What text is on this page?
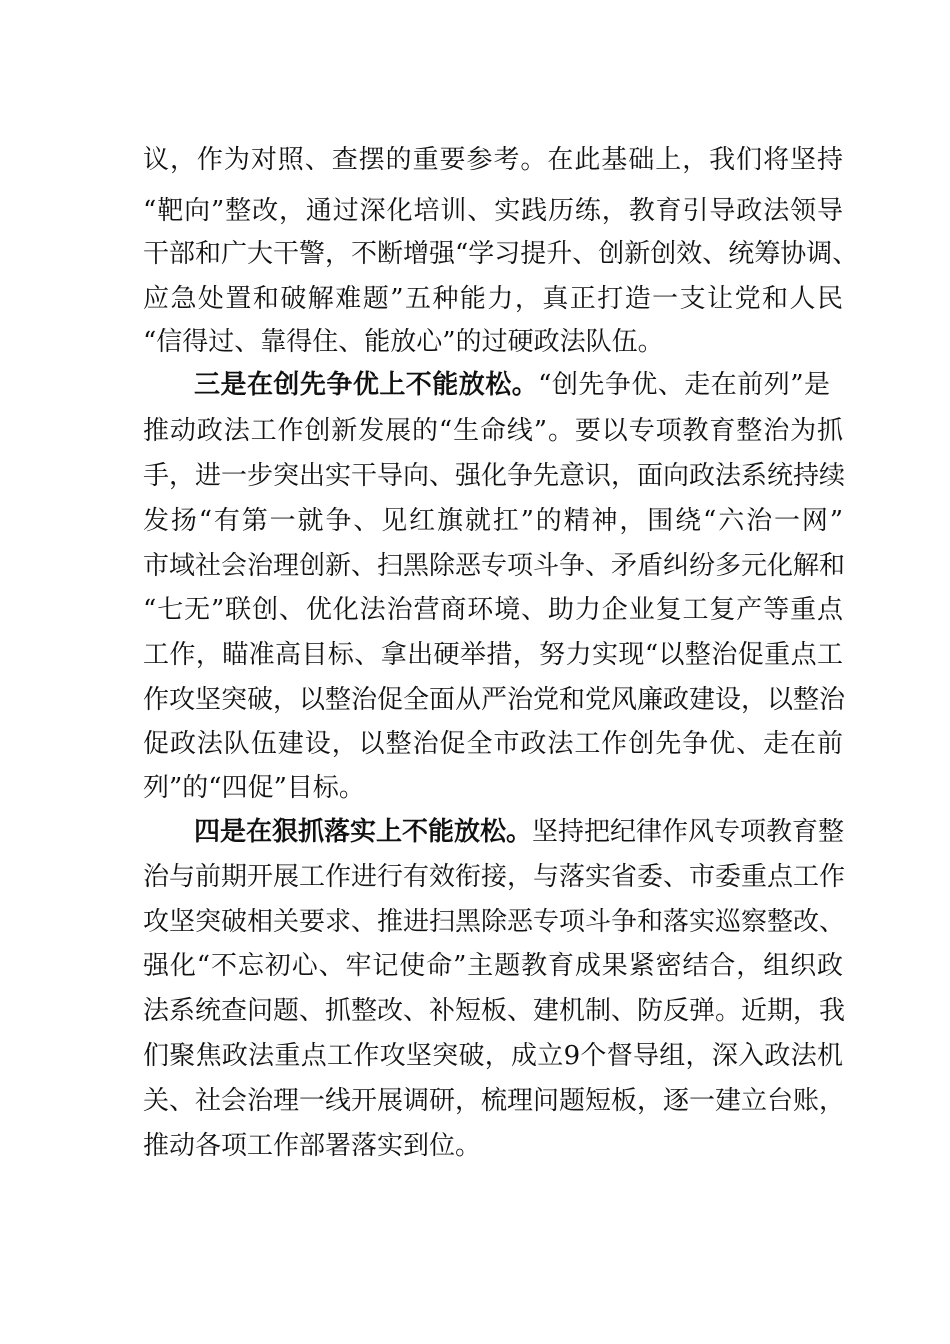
议，作为对照、查摆的重要参考。在此基础上，我们将坚持
“靶向”整改，通过深化培训、实践历练，教育引导政法领导
干部和广大干警，不断增强“学习提升、创新创效、统筹协调、
应急处置和破解难题”五种能力，真正打造一支让党和人民
“信得过、靠得住、能放心”的过硬政法队伍。
三是在创先争优上不能放松。“创先争优、走在前列”是
推动政法工作创新发展的“生命线”。要以专项教育整治为抓
手，进一步突出实干导向、强化争先意识，面向政法系统持续
发扬“有第一就争、见红旗就扛”的精神，围绕“六治一网”
市域社会治理创新、扫黑除恶专项斗争、矛盾纠纷多元化解和
“七无”联创、优化法治营商环境、助力企业复工复产等重点
工作，瞄准高目标、拿出硬举措，努力实现“以整治促重点工
作攻坚突破，以整治促全面从严治党和党风廉政建设，以整治
促政法队伍建设，以整治促全市政法工作创先争优、走在前
列”的“四促”目标。
四是在狠抓落实上不能放松。坚持把纪律作风专项教育整
治与前期开展工作进行有效衔接，与落实省委、市委重点工作
攻坚突破相关要求、推进扫黑除恶专项斗争和落实巡察整改、
强化“不忘初心、牢记使命”主题教育成果紧密结合，组织政
法系统查问题、抓整改、补短板、建机制、防反弹。近期，我
们聚焦政法重点工作攻坚突破，成立9个督导组，深入政法机
关、社会治理一线开展调研，梳理问题短板，逐一建立台账，
推动各项工作部署落实到位。
